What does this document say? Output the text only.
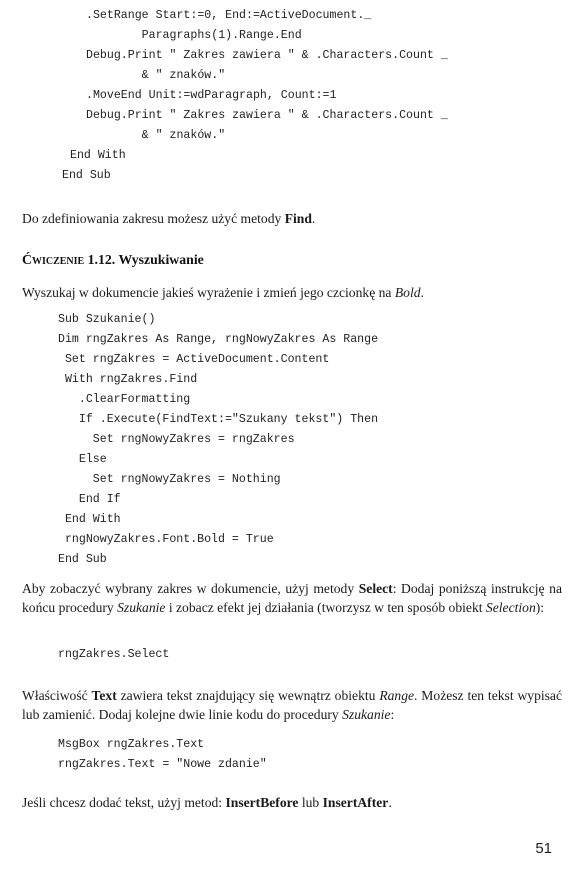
.SetRange Start:=0, End:=ActiveDocument._
Paragraphs(1).Range.End
Debug.Print " Zakres zawiera " & .Characters.Count _
& " znaków."
.MoveEnd Unit:=wdParagraph, Count:=1
Debug.Print " Zakres zawiera " & .Characters.Count _
& " znaków."
End With
End Sub

Do zdefiniowania zakresu możesz użyć metody Find.

Ćwiczenie 1.12. Wyszukiwanie

Wyszukaj w dokumencie jakieś wyrażenie i zmień jego czcionkę na Bold.

Sub Szukanie()
Dim rngZakres As Range, rngNowyZakres As Range
Set rngZakres = ActiveDocument.Content
With rngZakres.Find
.ClearFormatting
If .Execute(FindText:="Szukany tekst") Then
Set rngNowyZakres = rngZakres
Else
Set rngNowyZakres = Nothing
End If
End With
rngNowyZakres.Font.Bold = True
End Sub

Aby zobaczyć wybrany zakres w dokumencie, użyj metody Select: Dodaj poniższą instrukcję na końcu procedury Szukanie i zobacz efekt jej działania (tworzysz w ten sposób obiekt Selection):

rngZakres.Select

Właściwość Text zawiera tekst znajdujący się wewnątrz obiektu Range. Możesz ten tekst wypisać lub zamienić. Dodaj kolejne dwie linie kodu do procedury Szukanie:

MsgBox rngZakres.Text
rngZakres.Text = "Nowe zdanie"

Jeśli chcesz dodać tekst, użyj metod: InsertBefore lub InsertAfter.

51
